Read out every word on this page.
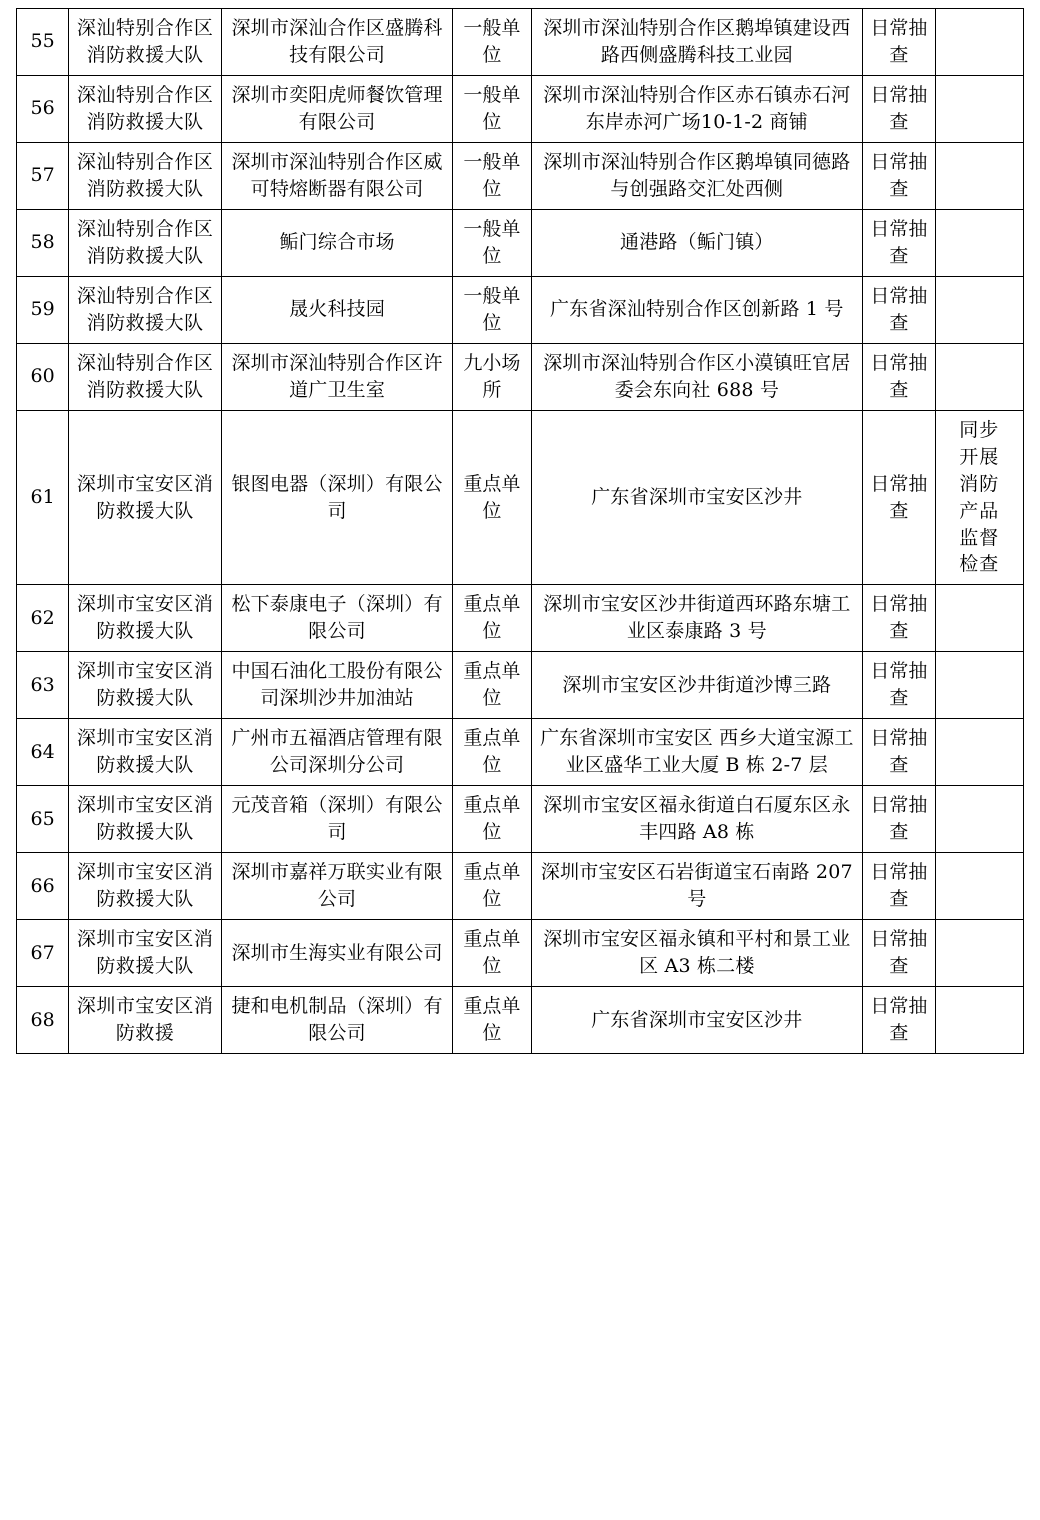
55	深汕特别合作区消防救援大队	深圳市深汕合作区盛腾科技有限公司	一般单位	深圳市深汕特别合作区鹅埠镇建设西路西侧盛腾科技工业园	日常抽查	

56	深汕特别合作区消防救援大队	深圳市奕阳虎师餐饮管理有限公司	一般单位	深圳市深汕特别合作区赤石镇赤石河东岸赤河广场10-1-2 商铺	日常抽查	

57	深汕特别合作区消防救援大队	深圳市深汕特别合作区威可特熔断器有限公司	一般单位	深圳市深汕特别合作区鹅埠镇同德路与创强路交汇处西侧	日常抽查	

58	深汕特别合作区消防救援大队	鲘门综合市场	一般单位	通港路（鲘门镇）	日常抽查	

59	深汕特别合作区消防救援大队	晟火科技园	一般单位	广东省深汕特别合作区创新路 1 号	日常抽查	

60	深汕特别合作区消防救援大队	深圳市深汕特别合作区许道广卫生室	九小场所	深圳市深汕特别合作区小漠镇旺官居委会东向社 688 号	日常抽查	

61	深圳市宝安区消防救援大队	银图电器（深圳）有限公司	重点单位	广东省深圳市宝安区沙井	日常抽查	同步开展消防产品监督检查

62	深圳市宝安区消防救援大队	松下泰康电子（深圳）有限公司	重点单位	深圳市宝安区沙井街道西环路东塘工业区泰康路 3 号	日常抽查	

63	深圳市宝安区消防救援大队	中国石油化工股份有限公司深圳沙井加油站	重点单位	深圳市宝安区沙井街道沙博三路	日常抽查	

64	深圳市宝安区消防救援大队	广州市五福酒店管理有限公司深圳分公司	重点单位	广东省深圳市宝安区 西乡大道宝源工业区盛华工业大厦 B 栋 2-7 层	日常抽查	

65	深圳市宝安区消防救援大队	元茂音箱（深圳）有限公司	重点单位	深圳市宝安区福永街道白石厦东区永丰四路 A8 栋	日常抽查	

66	深圳市宝安区消防救援大队	深圳市嘉祥万联实业有限公司	重点单位	深圳市宝安区石岩街道宝石南路 207 号	日常抽查	

67	深圳市宝安区消防救援大队	深圳市生海实业有限公司	重点单位	深圳市宝安区福永镇和平村和景工业区 A3 栋二楼	日常抽查	

68	深圳市宝安区消防救援	捷和电机制品（深圳）有限公司	重点单位	广东省深圳市宝安区沙井	日常抽查	
